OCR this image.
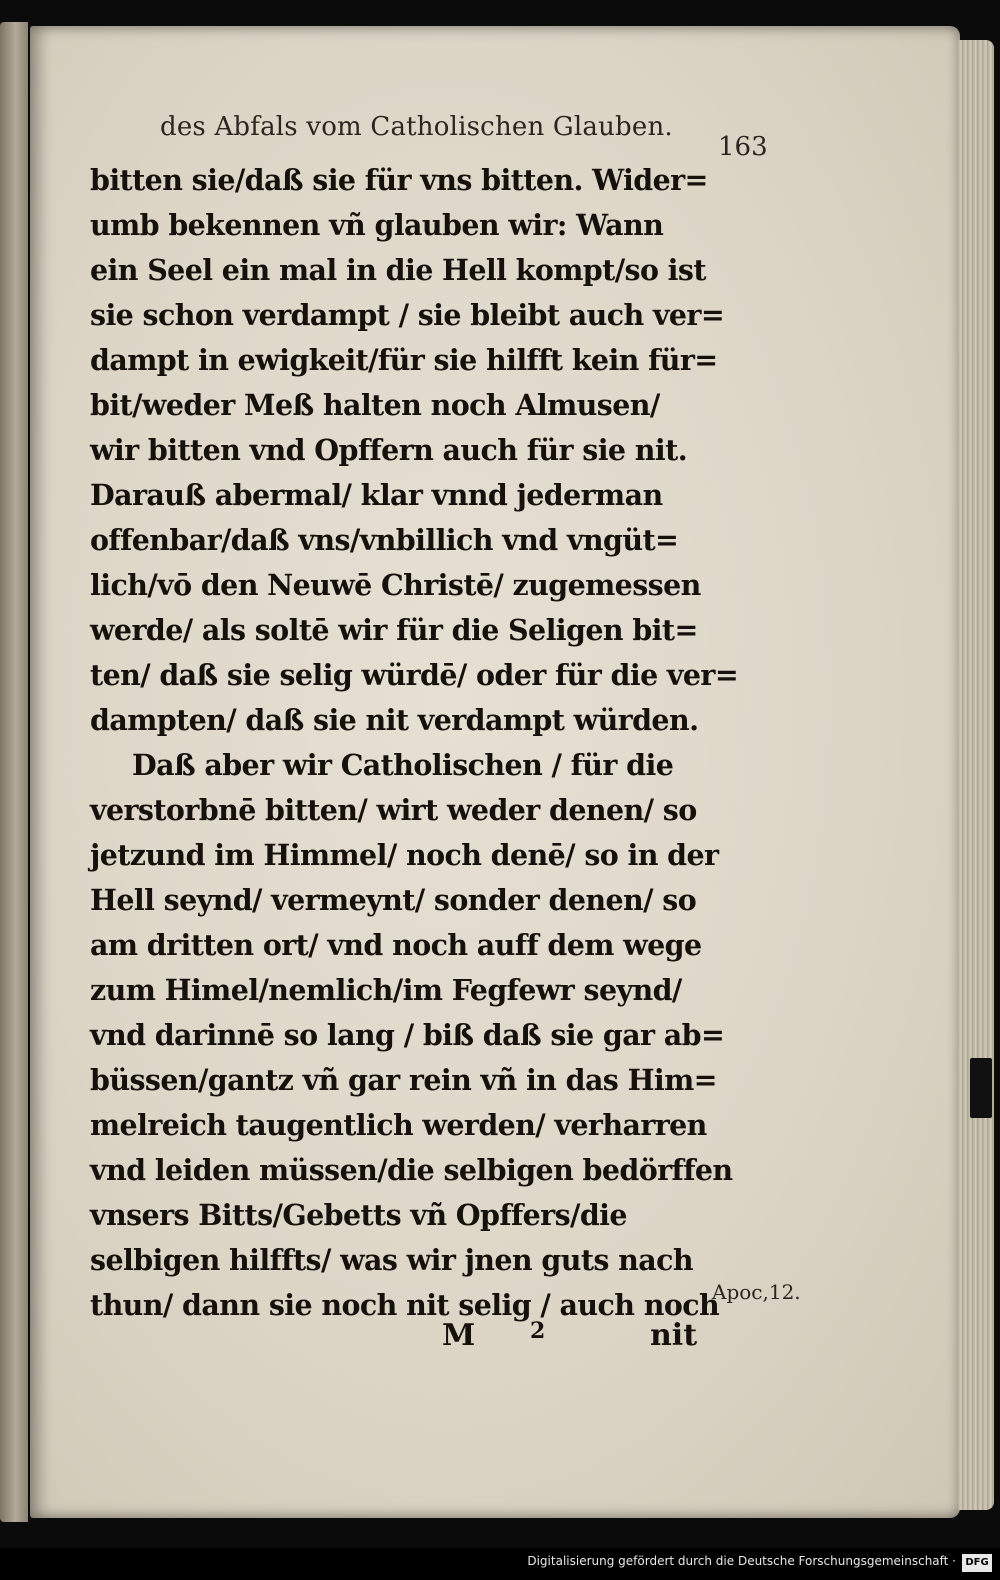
des Abfals vom Catholischen Glauben.
163
bitten sie/daß sie für vns bitten. Wider=
umb bekennen vñ glauben wir: Wann
ein Seel ein mal in die Hell kompt/so ist
sie schon verdampt / sie bleibt auch ver=
dampt in ewigkeit/für sie hilfft kein für=
bit/weder Meß halten noch Almusen/
wir bitten vnd Opffern auch für sie nit.
Darauß abermal/ klar vnnd jederman
offenbar/daß vns/vnbillich vnd vngüt=
lich/vō den Neuwē Christē/ zugemessen
werde/ als soltē wir für die Seligen bit=
ten/ daß sie selig würdē/ oder für die ver=
dampten/ daß sie nit verdampt würden.
Daß aber wir Catholischen / für die
verstorbnē bitten/ wirt weder denen/ so
jetzund im Himmel/ noch denē/ so in der
Hell seynd/ vermeynt/ sonder denen/ so
am dritten ort/ vnd noch auff dem wege
zum Himel/nemlich/im Fegfewr seynd/
vnd darinnē so lang / biß daß sie gar ab=
büssen/gantz vñ gar rein vñ in das Him=
melreich taugentlich werden/ verharren
vnd leiden müssen/die selbigen bedörffen
vnsers Bitts/Gebetts vñ Opffers/die
selbigen hilffts/ was wir jnen guts nach
thun/ dann sie noch nit selig / auch noch
Apoc,12.
M 2	nit
Digitalisierung gefördert durch die Deutsche Forschungsgemeinschaft · DFG
